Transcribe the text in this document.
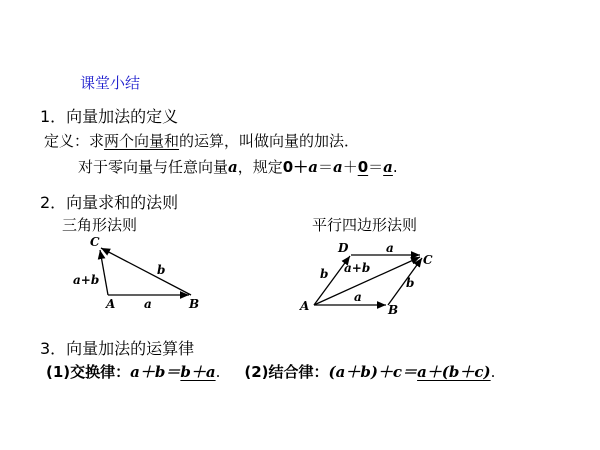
课堂小结
1．向量加法的定义
定义：求两个向量和的运算，叫做向量的加法．
对于零向量与任意向量a，规定0＋a＝a＋0＝a.
2．向量求和的法则
三角形法则	平行四边形法则
C
A	B
a
b
a+b
A	B
C
D	a
a
b
b
a+b
3．向量加法的运算律
(1)交换律：a＋b＝b＋a. (2)结合律：(a＋b)＋c＝a＋(b＋c).
